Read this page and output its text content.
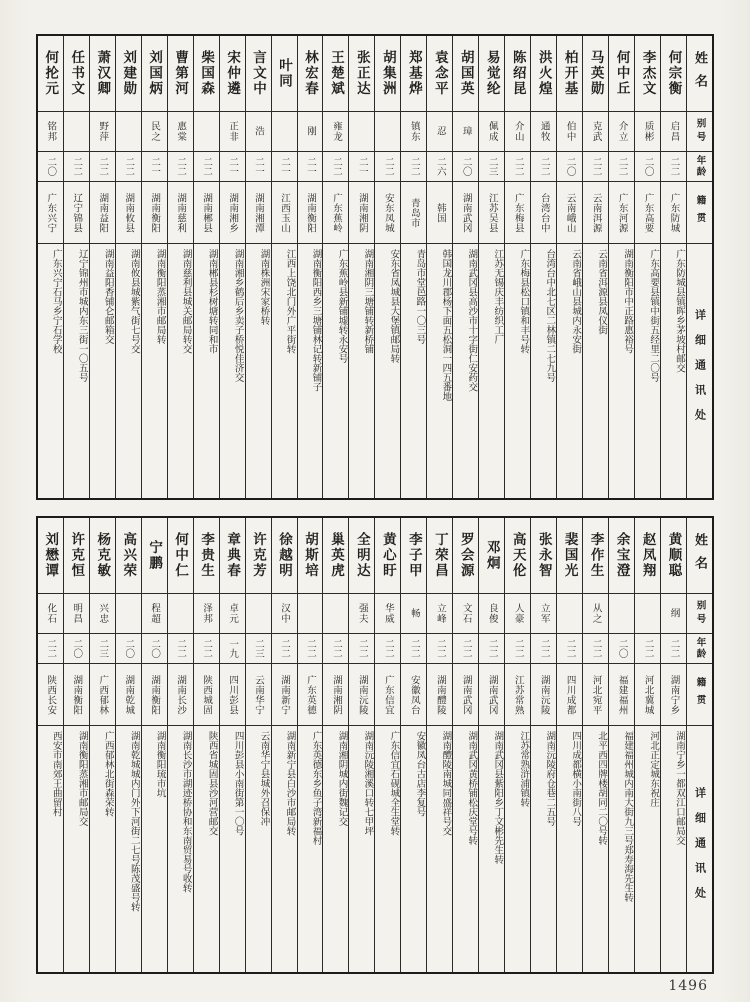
姓名
别号
年龄
籍贯
详细通讯处
何宗衡
启昌
二二
广东防城
广东防城县镇晖乡茅坡村邮交
李杰文
质彬
二〇
广东高要
广东高要县镇中街五经里二〇号
何中丘
介立
二二
广东河源
湖南衡阳市中正路惠裕号
马英勋
克武
二二
云南洱源
云南省洱源县凤仪街
柏开基
伯中
二〇
云南峨山
云南省峨山县城内永安街
洪火煌
通牧
二二
台湾台中
台湾台中北七区二林镇二七九号
陈绍昆
介山
二二
广东梅县
广东梅县松口镇和丰号转
易觉纶
佩成
二三
江苏吴县
江苏无锡庆丰纺织工厂
胡国英
璋
二〇
湖南武冈
湖南武冈县高沙市十字街仁安药交
袁念平
忍
二六
韩国
韩国龙川郡杨下面五松洞一四五番地
郑基烨
镇东
二二
青岛市
青岛市堂邑路一〇三号
胡集洲
二二
安东凤城
安东省凤城县大堡镇邮局转
张正达
二一
湖南湘阴
湖南湘阴三塘铺转新桥铺
王楚斌
雍龙
二二
广东蕉岭
广东蕉岭县新铺墟转永安号
林宏春
刚
二一
湖南衡阳
湖南衡阳西乡三塘铺林记转新铺子
叶同
二一
江西玉山
江西上饶北门外广平街转
言文中
浩
二一
湖南湘潭
湖南株洲宋家桥转
宋仲遴
正非
二一
湖南湘乡
湖南湘乡鹤后乡卖子桥悦佳济交
柴国森
二二
湖南郴县
湖南郴县杉树塘转同和市
曹第河
惠棠
二二
湖南慈利
湖南慈利县城关邮局转交
刘国炳
民之
二一
湖南衡阳
湖南衡阳蒸湘市邮局转
刘建勋
二二
湖南攸县
湖南攸县城紫气街七号交
萧汉卿
野萍
二二
湖南益阳
湖南益阳香铺仑邮箱交
任书文
二二
辽宁锦县
辽宁锦州市城内东三街一〇五号
何抡元
铭邦
二〇
广东兴宁
广东兴宁石马乡宁石学校
姓名
别号
年龄
籍贯
详细通讯处
黄顺聪
纲
二二
湖南宁乡
湖南宁乡一都双江口邮局交
赵凤翔
二二
河北冀城
河北正定城东祝庄
余宝澄
二〇
福建福州
福建福州城内南大街九三号郑寿海先生转
李作生
从之
二二
河北宛平
北平西四牌楼胡同二〇号转
裴国光
二二
四川成都
四川成都横小南街八号
张永智
立军
二二
湖南沅陵
湖南沅陵府仓巷二五号
高天伦
人豪
二二
江苏常熟
江苏常熟浒浦镇转
邓炯
良俊
二二
湖南武冈
湖南武冈县紫阳乡丁文彬先生转
罗会源
文石
二二
湖南武冈
湖南武冈黄桥铺松庆堂号转
丁荣昌
立峰
二二
湖南醴陵
湖南醴陵南城同盛祥号交
李子甲
畅
二二
安徽凤台
安徽凤台古店李复号
黄心盱
华威
二二
广东信宜
广东信宜石砚城全生堂转
全明达
强夫
二二
湖南沅陵
湖南沅陵湘溪口转七甲坪
巢英虎
二二
湖南湘阴
湖南湘阴城内街魏记交
胡斯培
二二
广东英德
广东英德东乡鱼子湾新福村
徐越明
汉中
二二
湖南新宁
湖南新宁县白沙市邮局转
许克芳
二三
云南华宁
云南华宁县城外召保冲
章典春
卓元
一九
四川彭县
四川彭县小南街第一〇号
李贵生
泽邦
二二
陕西城固
陕西省城固县沙河营邮交
何中仁
二二
湖南长沙
湖南长沙市湖迹桥协和东南贸易号收转
宁鹏
程超
二〇
湖南衡阳
湖南衡阳琉市坑
高兴荣
二〇
湖南乾城
湖南乾城城内门外下河街二七号陈茂盛号转
杨克敏
兴忠
二三
广西郁林
广西郁林北街森荣转
许克恒
明昌
二〇
湖南衡阳
湖南衡阳蒸湘市邮局交
刘懋谭
化石
二二
陕西长安
西安市南郊王曲留村
1496
